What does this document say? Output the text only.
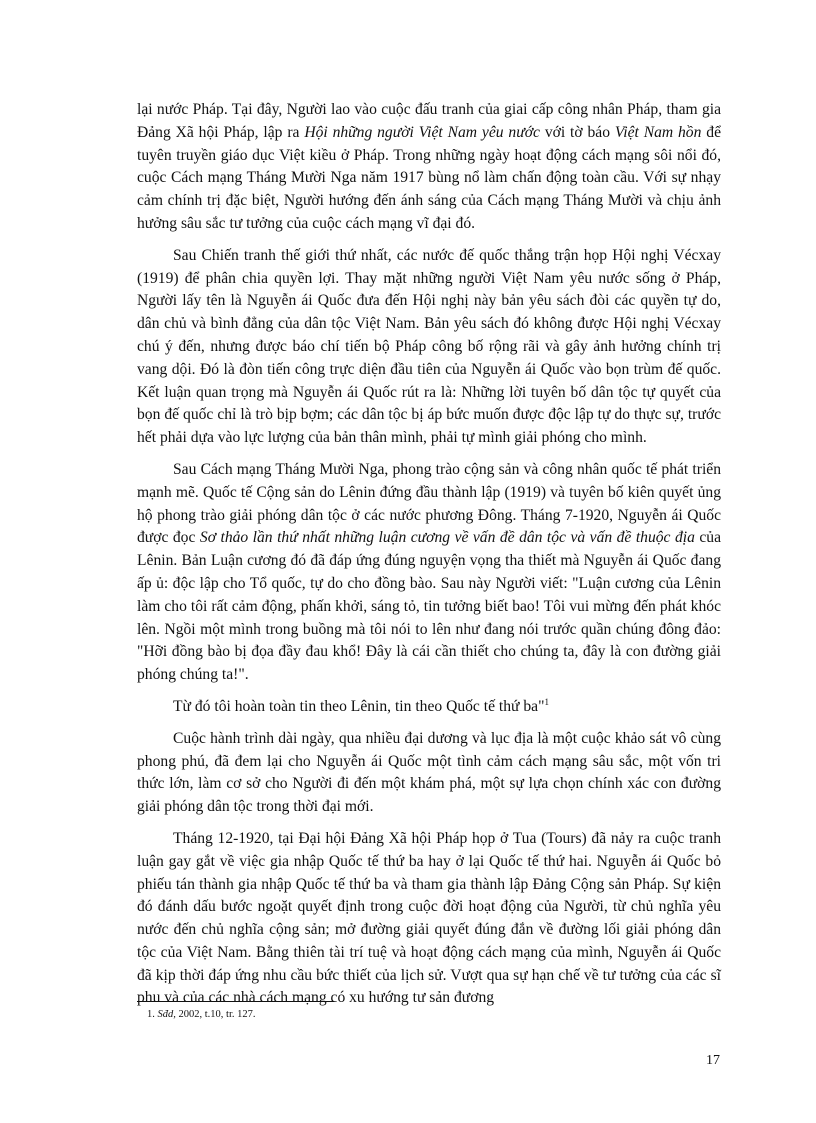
lại nước Pháp. Tại đây, Người lao vào cuộc đấu tranh của giai cấp công nhân Pháp, tham gia Đảng Xã hội Pháp, lập ra Hội những người Việt Nam yêu nước với tờ báo Việt Nam hồn để tuyên truyền giáo dục Việt kiều ở Pháp. Trong những ngày hoạt động cách mạng sôi nổi đó, cuộc Cách mạng Tháng Mười Nga năm 1917 bùng nổ làm chấn động toàn cầu. Với sự nhạy cảm chính trị đặc biệt, Người hướng đến ánh sáng của Cách mạng Tháng Mười và chịu ảnh hưởng sâu sắc tư tưởng của cuộc cách mạng vĩ đại đó.

Sau Chiến tranh thế giới thứ nhất, các nước đế quốc thắng trận họp Hội nghị Vécxay (1919) để phân chia quyền lợi. Thay mặt những người Việt Nam yêu nước sống ở Pháp, Người lấy tên là Nguyễn ái Quốc đưa đến Hội nghị này bản yêu sách đòi các quyền tự do, dân chủ và bình đẳng của dân tộc Việt Nam. Bản yêu sách đó không được Hội nghị Vécxay chú ý đến, nhưng được báo chí tiến bộ Pháp công bố rộng rãi và gây ảnh hưởng chính trị vang dội. Đó là đòn tiến công trực diện đầu tiên của Nguyễn ái Quốc vào bọn trùm đế quốc. Kết luận quan trọng mà Nguyễn ái Quốc rút ra là: Những lời tuyên bố dân tộc tự quyết của bọn đế quốc chỉ là trò bịp bợm; các dân tộc bị áp bức muốn được độc lập tự do thực sự, trước hết phải dựa vào lực lượng của bản thân mình, phải tự mình giải phóng cho mình.

Sau Cách mạng Tháng Mười Nga, phong trào cộng sản và công nhân quốc tế phát triển mạnh mẽ. Quốc tế Cộng sản do Lênin đứng đầu thành lập (1919) và tuyên bố kiên quyết ủng hộ phong trào giải phóng dân tộc ở các nước phương Đông. Tháng 7-1920, Nguyễn ái Quốc được đọc Sơ thảo lần thứ nhất những luận cương về vấn đề dân tộc và vấn đề thuộc địa của Lênin. Bản Luận cương đó đã đáp ứng đúng nguyện vọng tha thiết mà Nguyễn ái Quốc đang ấp ủ: độc lập cho Tổ quốc, tự do cho đồng bào. Sau này Người viết: "Luận cương của Lênin làm cho tôi rất cảm động, phấn khởi, sáng tỏ, tin tưởng biết bao! Tôi vui mừng đến phát khóc lên. Ngồi một mình trong buồng mà tôi nói to lên như đang nói trước quần chúng đông đảo: "Hỡi đồng bào bị đọa đầy đau khổ! Đây là cái cần thiết cho chúng ta, đây là con đường giải phóng chúng ta!".

Từ đó tôi hoàn toàn tin theo Lênin, tin theo Quốc tế thứ ba"$^1$

Cuộc hành trình dài ngày, qua nhiều đại dương và lục địa là một cuộc khảo sát vô cùng phong phú, đã đem lại cho Nguyễn ái Quốc một tình cảm cách mạng sâu sắc, một vốn tri thức lớn, làm cơ sở cho Người đi đến một khám phá, một sự lựa chọn chính xác con đường giải phóng dân tộc trong thời đại mới.

Tháng 12-1920, tại Đại hội Đảng Xã hội Pháp họp ở Tua (Tours) đã nảy ra cuộc tranh luận gay gắt về việc gia nhập Quốc tế thứ ba hay ở lại Quốc tế thứ hai. Nguyễn ái Quốc bỏ phiếu tán thành gia nhập Quốc tế thứ ba và tham gia thành lập Đảng Cộng sản Pháp. Sự kiện đó đánh dấu bước ngoặt quyết định trong cuộc đời hoạt động của Người, từ chủ nghĩa yêu nước đến chủ nghĩa cộng sản; mở đường giải quyết đúng đắn về đường lối giải phóng dân tộc của Việt Nam. Bằng thiên tài trí tuệ và hoạt động cách mạng của mình, Nguyễn ái Quốc đã kịp thời đáp ứng nhu cầu bức thiết của lịch sử. Vượt qua sự hạn chế về tư tưởng của các sĩ phu và của các nhà cách mạng có xu hướng tư sản đương

1. Sđd, 2002, t.10, tr. 127.
17
